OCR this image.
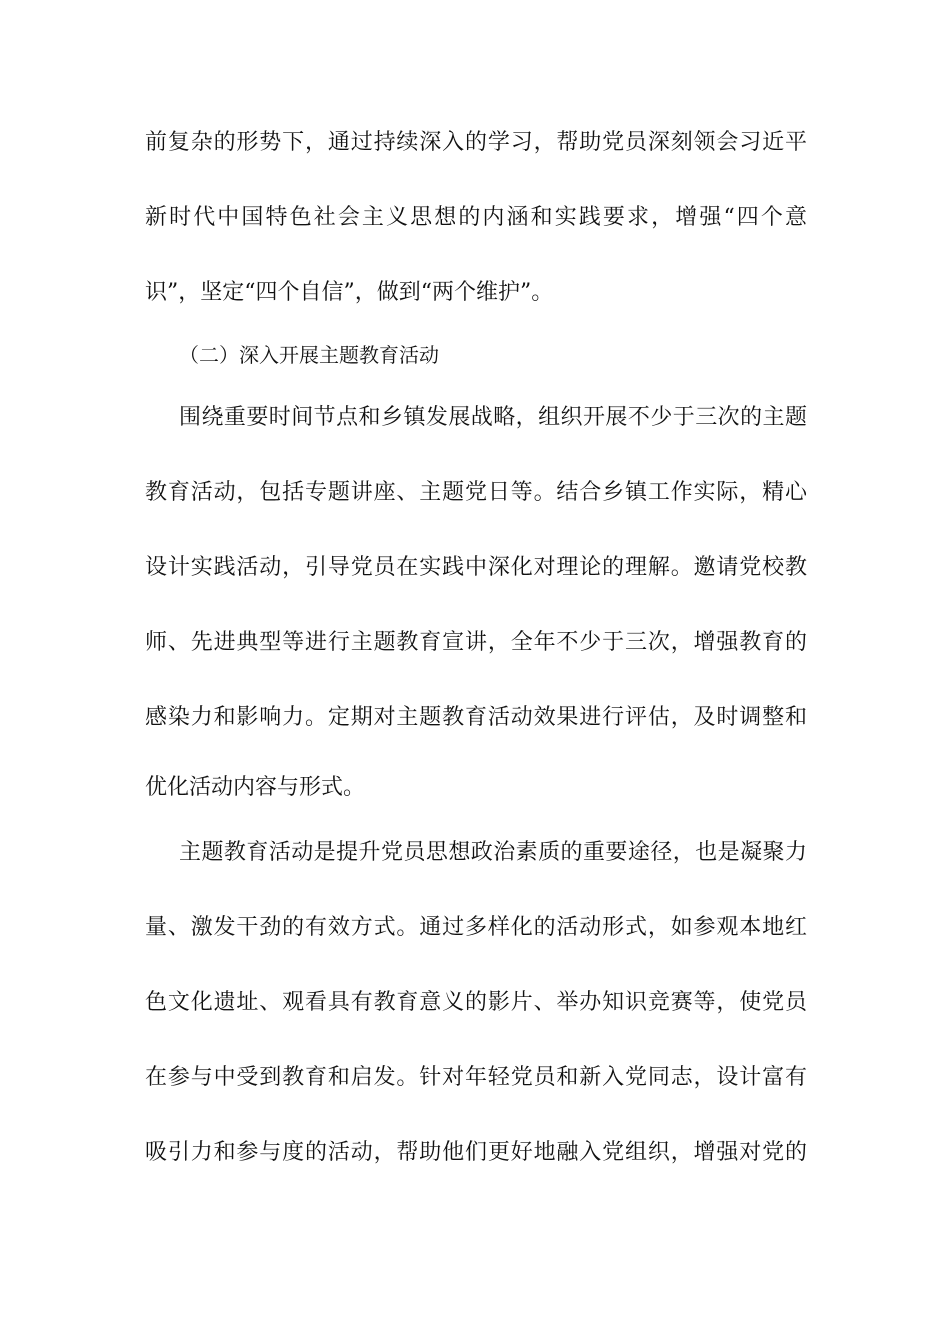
前复杂的形势下，通过持续深入的学习，帮助党员深刻领会习近平
新时代中国特色社会主义思想的内涵和实践要求，增强“四个意
识”，坚定“四个自信”，做到“两个维护”。
（二）深入开展主题教育活动
围绕重要时间节点和乡镇发展战略，组织开展不少于三次的主题
教育活动，包括专题讲座、主题党日等。结合乡镇工作实际，精心
设计实践活动，引导党员在实践中深化对理论的理解。邀请党校教
师、先进典型等进行主题教育宣讲，全年不少于三次，增强教育的
感染力和影响力。定期对主题教育活动效果进行评估，及时调整和
优化活动内容与形式。
主题教育活动是提升党员思想政治素质的重要途径，也是凝聚力
量、激发干劲的有效方式。通过多样化的活动形式，如参观本地红
色文化遗址、观看具有教育意义的影片、举办知识竞赛等，使党员
在参与中受到教育和启发。针对年轻党员和新入党同志，设计富有
吸引力和参与度的活动，帮助他们更好地融入党组织，增强对党的
